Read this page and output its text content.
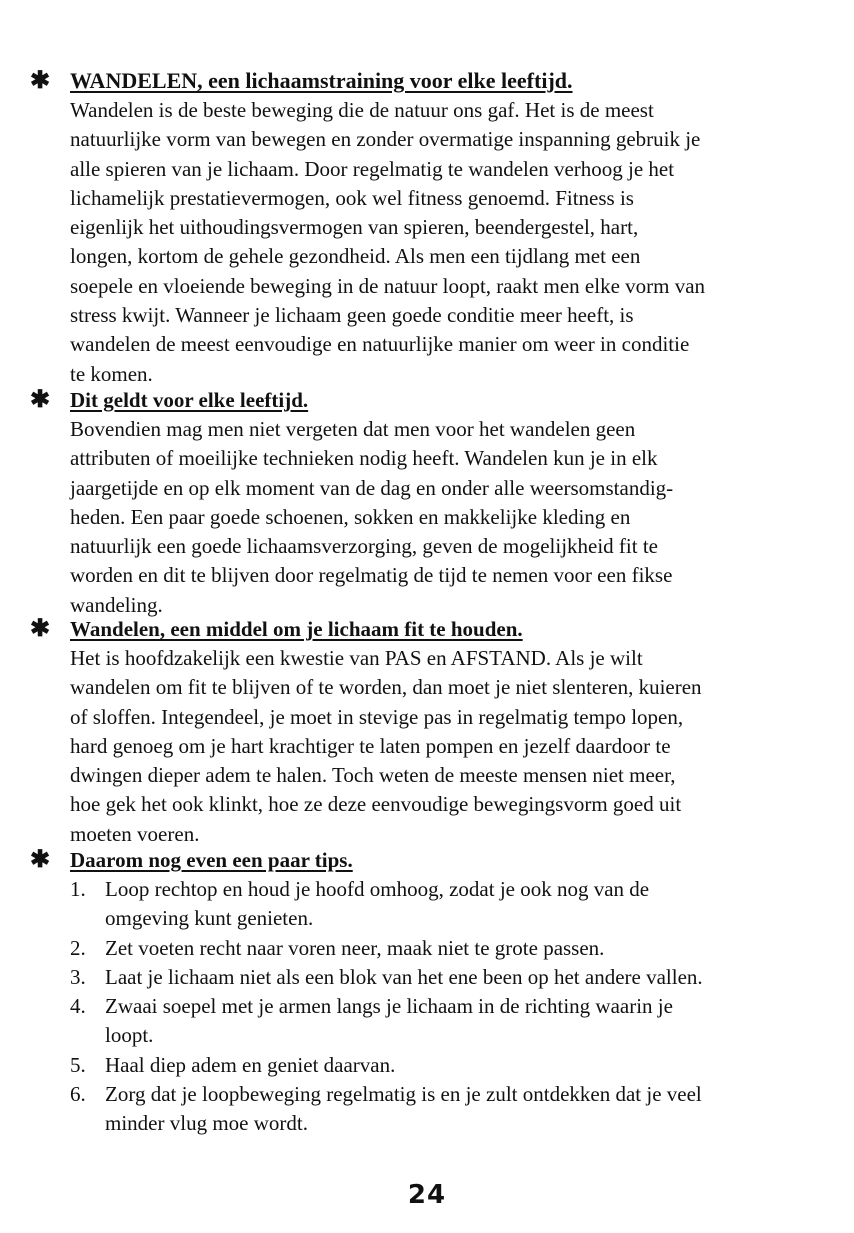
✱ WANDELEN, een lichaamstraining voor elke leeftijd.
Wandelen is de beste beweging die de natuur ons gaf. Het is de meest
natuurlijke vorm van bewegen en zonder overmatige inspanning gebruik je
alle spieren van je lichaam. Door regelmatig te wandelen verhoog je het
lichamelijk prestatievermogen, ook wel fitness genoemd. Fitness is
eigenlijk het uithoudingsvermogen van spieren, beendergestel, hart,
longen, kortom de gehele gezondheid. Als men een tijdlang met een
soepele en vloeiende beweging in de natuur loopt, raakt men elke vorm van
stress kwijt. Wanneer je lichaam geen goede conditie meer heeft, is
wandelen de meest eenvoudige en natuurlijke manier om weer in conditie
te komen.
✱ Dit geldt voor elke leeftijd.
Bovendien mag men niet vergeten dat men voor het wandelen geen
attributen of moeilijke technieken nodig heeft. Wandelen kun je in elk
jaargetijde en op elk moment van de dag en onder alle weersomstandig-
heden. Een paar goede schoenen, sokken en makkelijke kleding en
natuurlijk een goede lichaamsverzorging, geven de mogelijkheid fit te
worden en dit te blijven door regelmatig de tijd te nemen voor een fikse
wandeling.
✱ Wandelen, een middel om je lichaam fit te houden.
Het is hoofdzakelijk een kwestie van PAS en AFSTAND. Als je wilt
wandelen om fit te blijven of te worden, dan moet je niet slenteren, kuieren
of sloffen. Integendeel, je moet in stevige pas in regelmatig tempo lopen,
hard genoeg om je hart krachtiger te laten pompen en jezelf daardoor te
dwingen dieper adem te halen. Toch weten de meeste mensen niet meer,
hoe gek het ook klinkt, hoe ze deze eenvoudige bewegingsvorm goed uit
moeten voeren.
✱ Daarom nog even een paar tips.
1. Loop rechtop en houd je hoofd omhoog, zodat je ook nog van de
omgeving kunt genieten.
2. Zet voeten recht naar voren neer, maak niet te grote passen.
3. Laat je lichaam niet als een blok van het ene been op het andere vallen.
4. Zwaai soepel met je armen langs je lichaam in de richting waarin je
loopt.
5. Haal diep adem en geniet daarvan.
6. Zorg dat je loopbeweging regelmatig is en je zult ontdekken dat je veel
minder vlug moe wordt.
24
